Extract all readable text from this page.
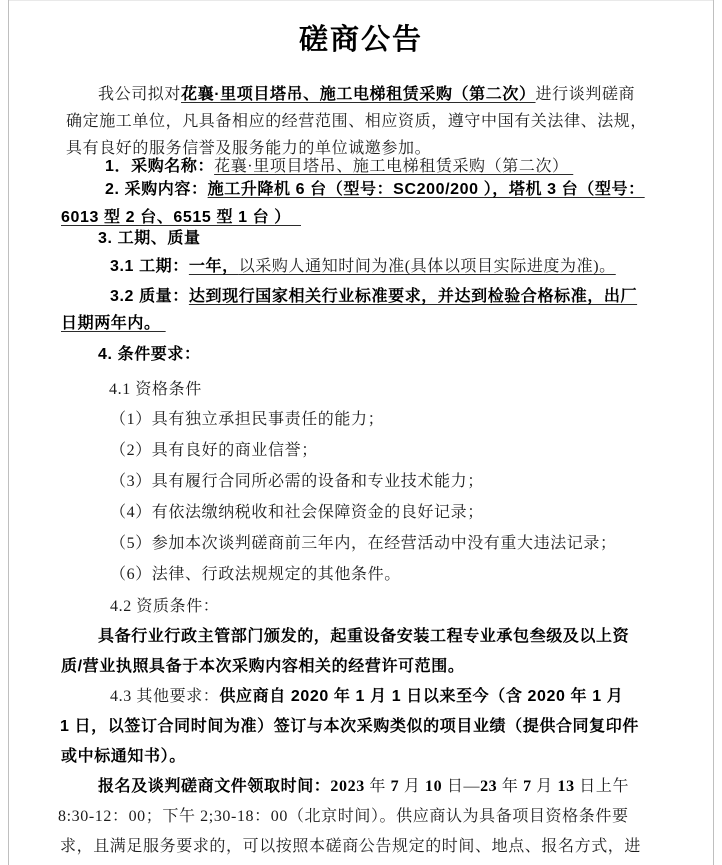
磋商公告
我公司拟对花襄·里项目塔吊、施工电梯租赁采购（第二次）进行谈判磋商
确定施工单位，凡具备相应的经营范围、相应资质，遵守中国有关法律、法规，
具有良好的服务信誉及服务能力的单位诚邀参加。
1．采购名称：花襄·里项目塔吊、施工电梯租赁采购（第二次）
2. 采购内容：施工升降机 6 台（型号：SC200/200 ），塔机 3 台（型号：
6013 型 2 台、6515 型 1 台 ）
3. 工期、质量
3.1 工期：一年，以采购人通知时间为准(具体以项目实际进度为准)。
3.2 质量：达到现行国家相关行业标准要求，并达到检验合格标准，出厂
日期两年内。
4. 条件要求：
4.1 资格条件
（1）具有独立承担民事责任的能力；
（2）具有良好的商业信誉；
（3）具有履行合同所必需的设备和专业技术能力；
（4）有依法缴纳税收和社会保障资金的良好记录；
（5）参加本次谈判磋商前三年内，在经营活动中没有重大违法记录；
（6）法律、行政法规规定的其他条件。
4.2 资质条件：
具备行业行政主管部门颁发的，起重设备安装工程专业承包叁级及以上资
质/营业执照具备于本次采购内容相关的经营许可范围。
4.3 其他要求：供应商自 2020 年 1 月 1 日以来至今（含 2020 年 1 月
1 日，以签订合同时间为准）签订与本次采购类似的项目业绩（提供合同复印件
或中标通知书）。
报名及谈判磋商文件领取时间：2023 年 7 月 10 日—23 年 7 月 13 日上午
8:30-12：00；下午 2;30-18：00（北京时间）。供应商认为具备项目资格条件要
求，且满足服务要求的，可以按照本磋商公告规定的时间、地点、报名方式，进
